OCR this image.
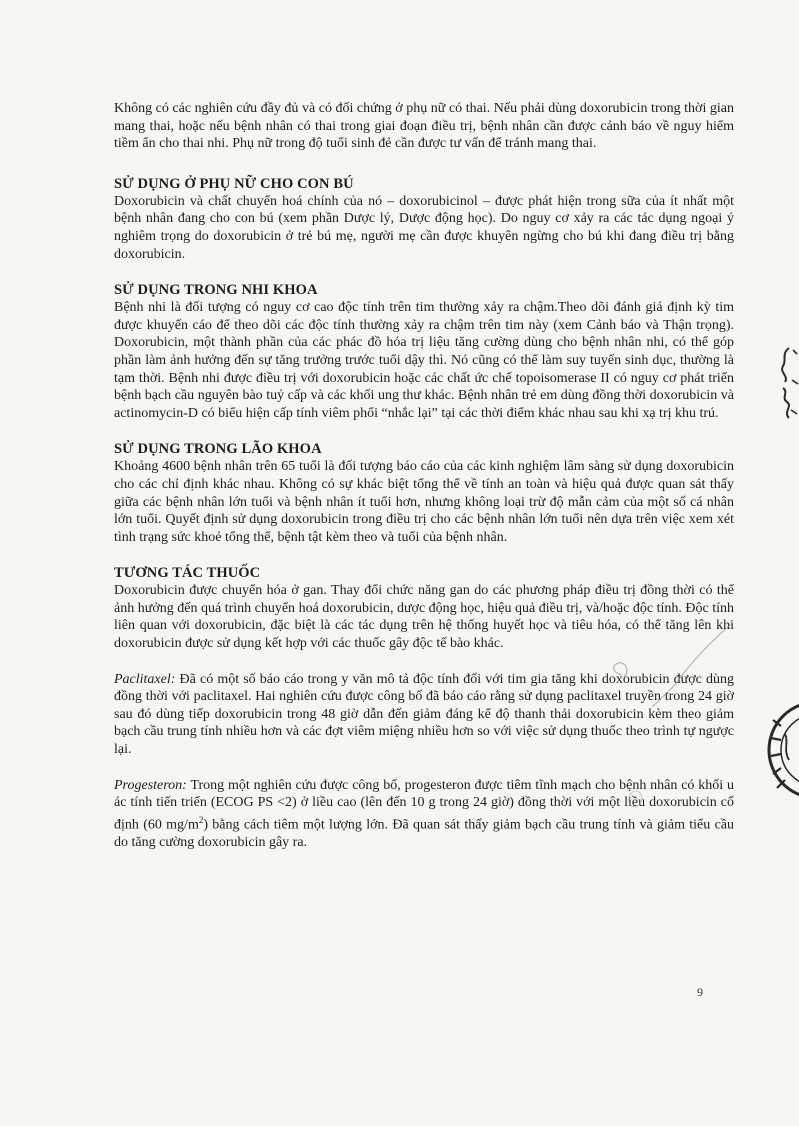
Không có các nghiên cứu đầy đủ và có đối chứng ở phụ nữ có thai. Nếu phải dùng doxorubicin trong thời gian mang thai, hoặc nếu bệnh nhân có thai trong giai đoạn điều trị, bệnh nhân cần được cảnh báo về nguy hiểm tiềm ẩn cho thai nhi. Phụ nữ trong độ tuổi sinh đẻ cần được tư vấn để tránh mang thai.

SỬ DỤNG Ở PHỤ NỮ CHO CON BÚ

Doxorubicin và chất chuyển hoá chính của nó – doxorubicinol – được phát hiện trong sữa của ít nhất một bệnh nhân đang cho con bú (xem phần Dược lý, Dược động học). Do nguy cơ xảy ra các tác dụng ngoại ý nghiêm trọng do doxorubicin ở trẻ bú mẹ, người mẹ cần được khuyên ngừng cho bú khi đang điều trị bằng doxorubicin.

SỬ DỤNG TRONG NHI KHOA

Bệnh nhi là đối tượng có nguy cơ cao độc tính trên tim thường xảy ra chậm.Theo dõi đánh giá định kỳ tim được khuyến cáo để theo dõi các độc tính thường xảy ra chậm trên tim này (xem Cảnh báo và Thận trọng). Doxorubicin, một thành phần của các phác đồ hóa trị liệu tăng cường dùng cho bệnh nhân nhi, có thể góp phần làm ảnh hưởng đến sự tăng trưởng trước tuổi dậy thì. Nó cũng có thể làm suy tuyến sinh dục, thường là tạm thời. Bệnh nhi được điều trị với doxorubicin hoặc các chất ức chế topoisomerase II có nguy cơ phát triển bệnh bạch cầu nguyên bào tuỷ cấp và các khối ung thư khác. Bệnh nhân trẻ em dùng đồng thời doxorubicin và actinomycin-D có biểu hiện cấp tính viêm phổi “nhắc lại” tại các thời điểm khác nhau sau khi xạ trị khu trú.

SỬ DỤNG TRONG LÃO KHOA

Khoảng 4600 bệnh nhân trên 65 tuổi là đối tượng báo cáo của các kinh nghiệm lâm sàng sử dụng doxorubicin cho các chỉ định khác nhau. Không có sự khác biệt tổng thể về tính an toàn và hiệu quả được quan sát thấy giữa các bệnh nhân lớn tuổi và bệnh nhân ít tuổi hơn, nhưng không loại trừ độ mẫn cảm của một số cá nhân lớn tuổi. Quyết định sử dụng doxorubicin trong điều trị cho các bệnh nhân lớn tuổi nên dựa trên việc xem xét tình trạng sức khoẻ tổng thể, bệnh tật kèm theo và tuổi của bệnh nhân.

TƯƠNG TÁC THUỐC

Doxorubicin được chuyển hóa ở gan. Thay đổi chức năng gan do các phương pháp điều trị đồng thời có thể ảnh hưởng đến quá trình chuyển hoá doxorubicin, dược động học, hiệu quả điều trị, và/hoặc độc tính. Độc tính liên quan với doxorubicin, đặc biệt là các tác dụng trên hệ thống huyết học và tiêu hóa, có thể tăng lên khi doxorubicin được sử dụng kết hợp với các thuốc gây độc tế bào khác.

Paclitaxel: Đã có một số báo cáo trong y văn mô tả độc tính đối với tim gia tăng khi doxorubicin được dùng đồng thời với paclitaxel. Hai nghiên cứu được công bố đã báo cáo rằng sử dụng paclitaxel truyền trong 24 giờ sau đó dùng tiếp doxorubicin trong 48 giờ dẫn đến giảm đáng kể độ thanh thải doxorubicin kèm theo giảm bạch cầu trung tính nhiều hơn và các đợt viêm miệng nhiều hơn so với việc sử dụng thuốc theo trình tự ngược lại.

Progesteron: Trong một nghiên cứu được công bố, progesteron được tiêm tĩnh mạch cho bệnh nhân có khối u ác tính tiến triển (ECOG PS <2) ở liều cao (lên đến 10 g trong 24 giờ) đồng thời với một liều doxorubicin cố định (60 $mg/m^2$) bằng cách tiêm một lượng lớn. Đã quan sát thấy giảm bạch cầu trung tính và giảm tiểu cầu do tăng cường doxorubicin gây ra.

9
